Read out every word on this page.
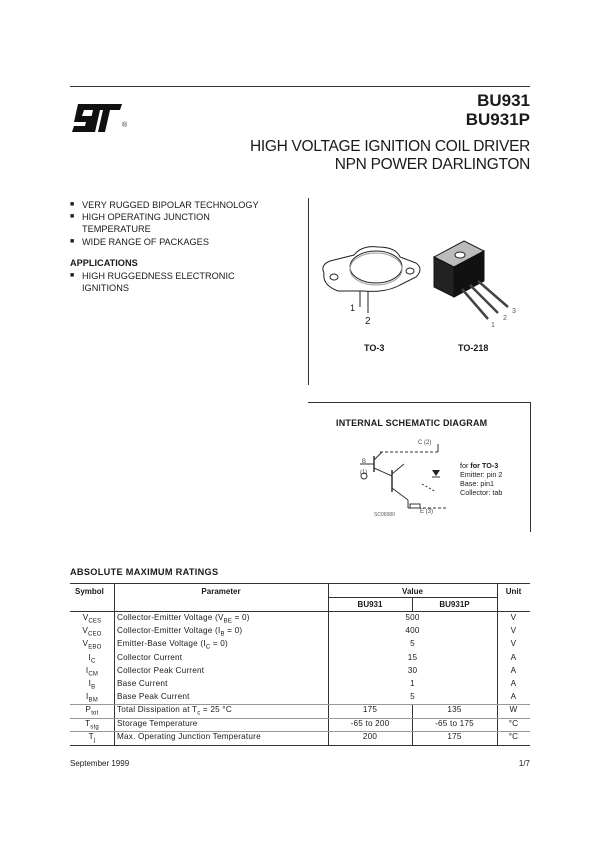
®
BU931
BU931P
HIGH VOLTAGE IGNITION COIL DRIVER
NPN POWER DARLINGTON
■ VERY RUGGED BIPOLAR TECHNOLOGY
■ HIGH OPERATING JUNCTION TEMPERATURE
■ WIDE RANGE OF PACKAGES
APPLICATIONS
■ HIGH RUGGEDNESS ELECTRONIC IGNITIONS
1
2
TO-3
1
2
3
TO-218
INTERNAL SCHEMATIC DIAGRAM
C (2)
B
(1)
E (3)
SC06580
for for TO-3
Emitter: pin 2
Base: pin1
Collector: tab
ABSOLUTE MAXIMUM RATINGS
Symbol	Parameter	Value	Unit
BU931	BU931P
$V_{CES}$	Collector-Emitter Voltage $(V_{BE} = 0)$	500	V
$V_{CEO}$	Collector-Emitter Voltage $(I_B = 0)$	400	V
$V_{EBO}$	Emitter-Base Voltage $(I_C = 0)$	5	V
$I_C$	Collector Current	15	A
$I_{CM}$	Collector Peak Current	30	A
$I_B$	Base Current	1	A
$I_{BM}$	Base Peak Current	5	A
$P_{tot}$	Total Dissipation at $T_c = 25$ °C	175	135	W
$T_{stg}$	Storage Temperature	-65 to 200	-65 to 175	°C
$T_j$	Max. Operating Junction Temperature	200	175	°C
September 1999	1/7
